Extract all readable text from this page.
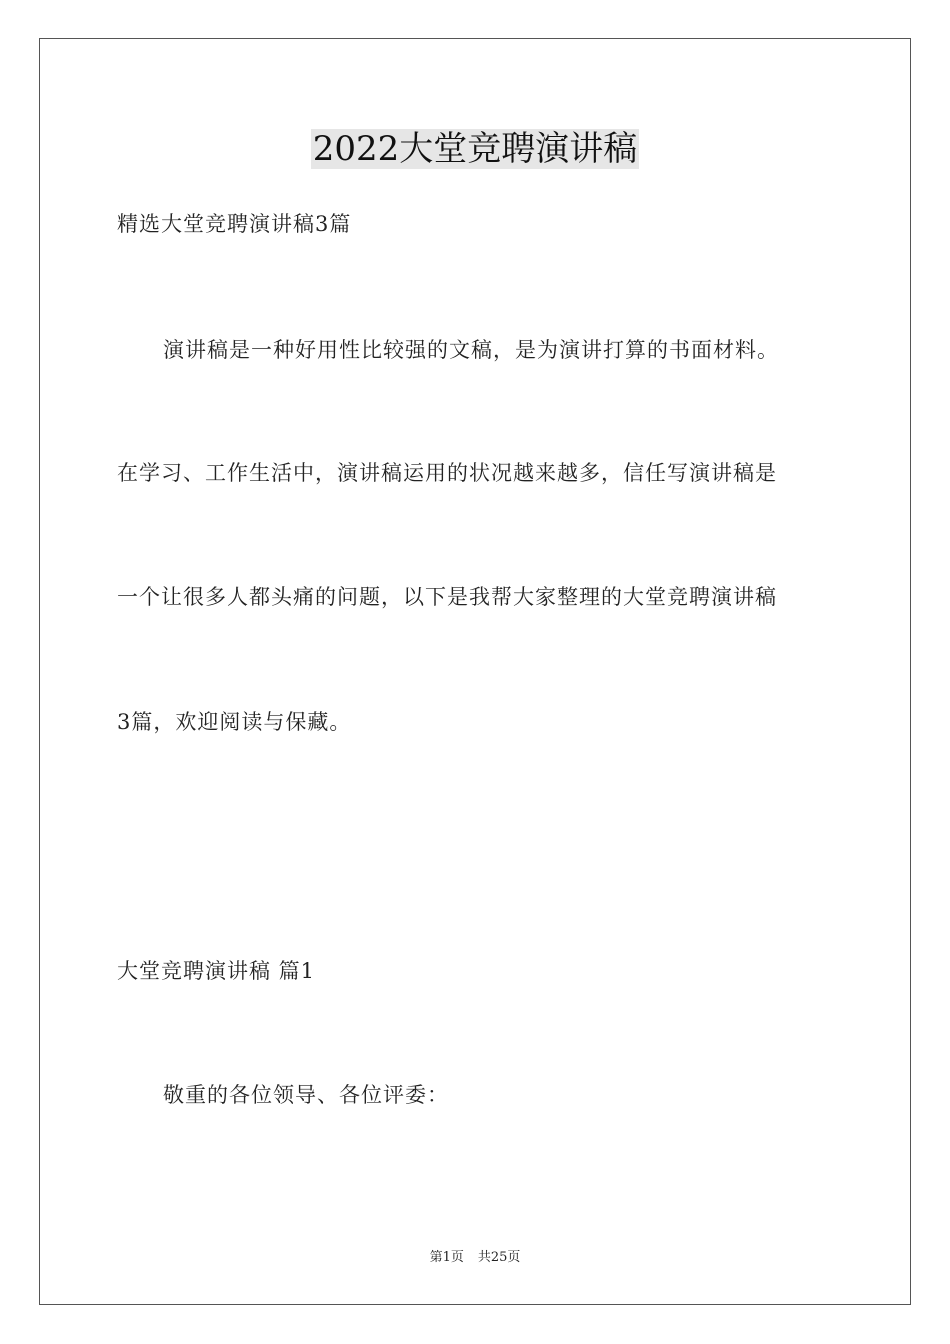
2022大堂竞聘演讲稿
精选大堂竞聘演讲稿3篇
演讲稿是一种好用性比较强的文稿，是为演讲打算的书面材料。
在学习、工作生活中，演讲稿运用的状况越来越多，信任写演讲稿是
一个让很多人都头痛的问题，以下是我帮大家整理的大堂竞聘演讲稿
3篇，欢迎阅读与保藏。
大堂竞聘演讲稿 篇1
敬重的各位领导、各位评委：
第1页 共25页
